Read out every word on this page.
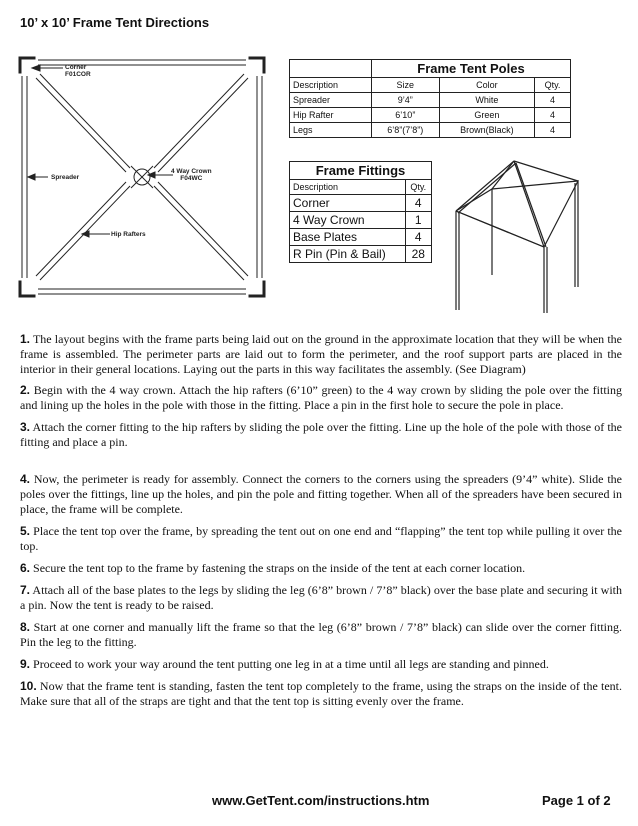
10’ x 10’ Frame Tent Directions
Corner
F01COR
Spreader
4 Way Crown
F04WC
Hip Rafters
	Frame Tent Poles		
Description	Size	Color	Qty.
Spreader	9’4”	White	4
Hip Rafter	6’10”	Green	4
Legs	6’8”(7’8”)	Brown(Black)	4
Frame Fittings	
Description	Qty.
Corner	4
4 Way Crown	1
Base Plates	4
R Pin (Pin & Bail)	28

1. The layout begins with the frame parts being laid out on the ground in the approximate location that they will be when the frame is assembled. The perimeter parts are laid out to form the perimeter, and the roof support parts are placed in the interior in their general locations. Laying out the parts in this way facilitates the assembly. (See Diagram)

2. Begin with the 4 way crown. Attach the hip rafters (6’10” green) to the 4 way crown by sliding the pole over the fitting and lining up the holes in the pole with those in the fitting. Place a pin in the first hole to secure the pole in place.

3. Attach the corner fitting to the hip rafters by sliding the pole over the fitting. Line up the hole of the pole with those of the fitting and place a pin.

4. Now, the perimeter is ready for assembly. Connect the corners to the corners using the spreaders (9’4” white). Slide the poles over the fittings, line up the holes, and pin the pole and fitting together. When all of the spreaders have been secured in place, the frame will be complete.

5. Place the tent top over the frame, by spreading the tent out on one end and “flapping” the tent top while pulling it over the top.

6. Secure the tent top to the frame by fastening the straps on the inside of the tent at each corner location.

7. Attach all of the base plates to the legs by sliding the leg (6’8” brown / 7’8” black) over the base plate and securing it with a pin. Now the tent is ready to be raised.

8. Start at one corner and manually lift the frame so that the leg (6’8” brown / 7’8” black) can slide over the corner fitting. Pin the leg to the fitting.

9. Proceed to work your way around the tent putting one leg in at a time until all legs are standing and pinned.

10. Now that the frame tent is standing, fasten the tent top completely to the frame, using the straps on the inside of the tent. Make sure that all of the straps are tight and that the tent top is sitting evenly over the frame.

www.GetTent.com/instructions.htm	Page 1 of 2
